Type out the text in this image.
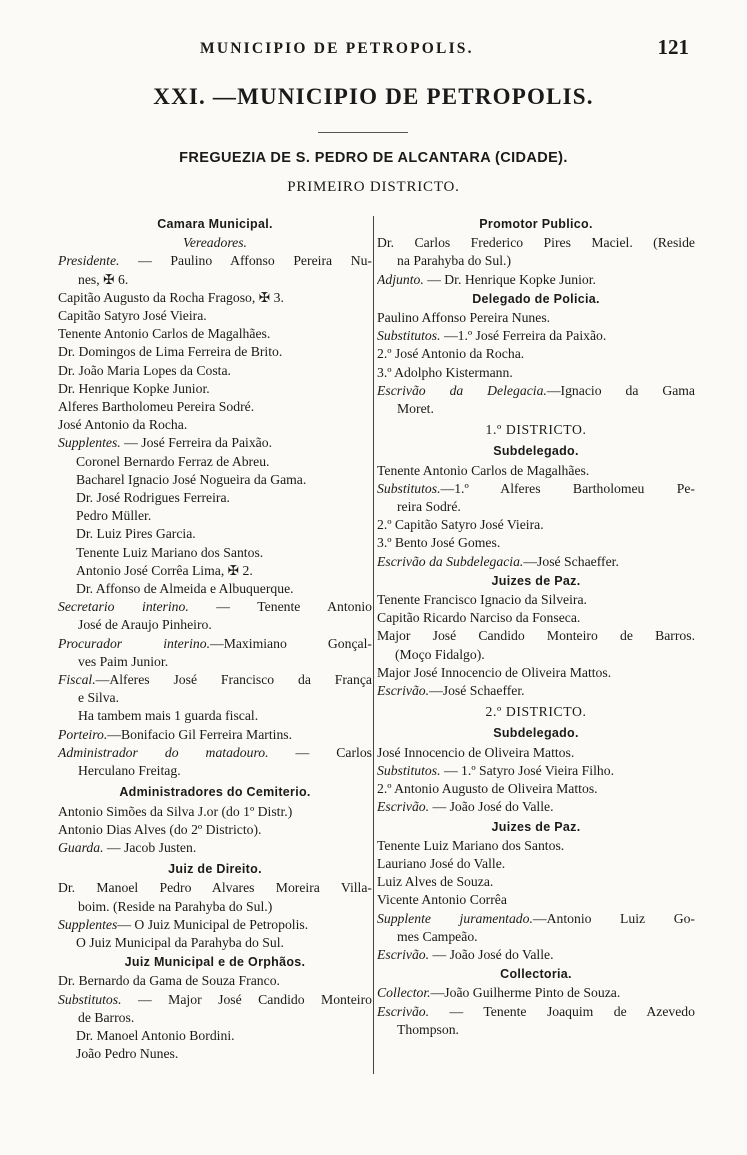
MUNICIPIO DE PETROPOLIS.	121
XXI. —MUNICIPIO DE PETROPOLIS.
FREGUEZIA DE S. PEDRO DE ALCANTARA (CIDADE).
PRIMEIRO DISTRICTO.
Camara Municipal.
Vereadores.
Presidente. — Paulino Affonso Pereira Nu-
nes, ✠ 6.
Capitão Augusto da Rocha Fragoso, ✠ 3.
Capitão Satyro José Vieira.
Tenente Antonio Carlos de Magalhães.
Dr. Domingos de Lima Ferreira de Brito.
Dr. João Maria Lopes da Costa.
Dr. Henrique Kopke Junior.
Alferes Bartholomeu Pereira Sodré.
José Antonio da Rocha.
Supplentes. — José Ferreira da Paixão.
Coronel Bernardo Ferraz de Abreu.
Bacharel Ignacio José Nogueira da Gama.
Dr. José Rodrigues Ferreira.
Pedro Müller.
Dr. Luiz Pires Garcia.
Tenente Luiz Mariano dos Santos.
Antonio José Corrêa Lima, ✠ 2.
Dr. Affonso de Almeida e Albuquerque.
Secretario interino. — Tenente Antonio
José de Araujo Pinheiro.
Procurador interino.—Maximiano Gonçal-
ves Paim Junior.
Fiscal.—Alferes José Francisco da França
e Silva.
Ha tambem mais 1 guarda fiscal.
Porteiro.—Bonifacio Gil Ferreira Martins.
Administrador do matadouro. — Carlos
Herculano Freitag.
Administradores do Cemiterio.
Antonio Simões da Silva J.or (do 1º Distr.)
Antonio Dias Alves (do 2º Districto).
Guarda. — Jacob Justen.
Juiz de Direito.
Dr. Manoel Pedro Alvares Moreira Villa-
boim. (Reside na Parahyba do Sul.)
Supplentes— O Juiz Municipal de Petropolis.
O Juiz Municipal da Parahyba do Sul.
Juiz Municipal e de Orphãos.
Dr. Bernardo da Gama de Souza Franco.
Substitutos. — Major José Candido Monteiro
de Barros.
Dr. Manoel Antonio Bordini.
João Pedro Nunes.
Promotor Publico.
Dr. Carlos Frederico Pires Maciel. (Reside
na Parahyba do Sul.)
Adjunto. — Dr. Henrique Kopke Junior.
Delegado de Policia.
Paulino Affonso Pereira Nunes.
Substitutos. —1.º José Ferreira da Paixão.
2.º José Antonio da Rocha.
3.º Adolpho Kistermann.
Escrivão da Delegacia.—Ignacio da Gama
Moret.
1.º DISTRICTO.
Subdelegado.
Tenente Antonio Carlos de Magalhães.
Substitutos.—1.º Alferes Bartholomeu Pe-
reira Sodré.
2.º Capitão Satyro José Vieira.
3.º Bento José Gomes.
Escrivão da Subdelegacia.—José Schaeffer.
Juizes de Paz.
Tenente Francisco Ignacio da Silveira.
Capitão Ricardo Narciso da Fonseca.
Major José Candido Monteiro de Barros.
(Moço Fidalgo).
Major José Innocencio de Oliveira Mattos.
Escrivão.—José Schaeffer.
2.º DISTRICTO.
Subdelegado.
José Innocencio de Oliveira Mattos.
Substitutos. — 1.º Satyro José Vieira Filho.
2.º Antonio Augusto de Oliveira Mattos.
Escrivão. — João José do Valle.
Juizes de Paz.
Tenente Luiz Mariano dos Santos.
Lauriano José do Valle.
Luiz Alves de Souza.
Vicente Antonio Corrêa
Supplente juramentado.—Antonio Luiz Go-
mes Campeão.
Escrivão. — João José do Valle.
Collectoria.
Collector.—João Guilherme Pinto de Souza.
Escrivão. — Tenente Joaquim de Azevedo
Thompson.
